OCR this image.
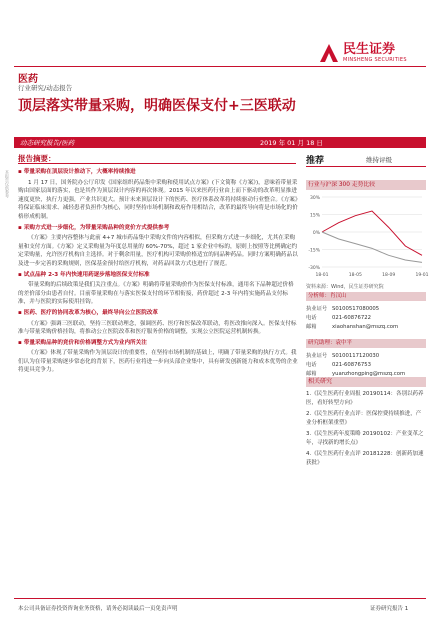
民生证券
MINSHENG SECURITIES
医药
行业研究/动态报告
顶层落实带量采购，明确医保支付+三医联动
动态研究报告/医药	2019 年 01 月 18 日
报告摘要：

▪ 带量采购在顶层设计推动下，大概率持续推进

1 月 17 日，国务院办公厅印发《国家组织药品集中采购和使用试点方案》(下文简称《方案》)，意味着带量采购由国家层面的落实，也是其作为顶层设计内容的再次体现。2015 年以来医药行业由上而下驱动的改革明显推进速度更快，执行力更强，产业共识更大。预计未来顶层设计下的医药、医疗体系改革将持续驱动行业整合。《方案》将保证临床需求、减轻患者负担作为核心，同时坚持市场机制和政府作用相结合，改革的最终导向将是市场化的价格形成机制。

▪ 采购方式进一步细化，为带量采购品种的竞价方式提供参考

《方案》主要内容整体与此前 4+7 城市药品集中采购文件的内容相似，但采购方式进一步细化，尤其在采购量和支付方面。《方案》定义采购量为年度总用量的 60%-70%，超过 1 家企业中标的，原则上按照等比例确定约定采购量，允许医疗机构自主选择。对于剩余用量，医疗机构可采购价格适宜的同品种药品。同时方案明确药品以及进一步完善的采购规则，医保基金预付给医疗机构，对药品回款方式也进行了规范。

▪ 试点品种 2-3 年内快速用药逐步落地医保支付标准

带量采购的后续政策是我们关注重点。《方案》明确将带量采购价作为医保支付标准，通用名下品种超过价格的差价部分由患者自付。目前带量采购在与落实医保支付的环节相衔接，药价超过 2-3 年内将实施药品支付标准，并与医院的实际使用挂钩。

▪ 医药、医疗的协同改革为核心，最终导向公立医院改革

《方案》强调三医联动，坚持三医联动理念，强调医药、医疗和医保改革联动，将医改推向深入。医保支付标准与带量采购价格挂钩，将推动公立医院改革和医疗服务价格的调整，实现公立医院运营机制转换。

▪ 带量采购品种的竞价和价格调整方式为业内所关注

《方案》体现了带量采购作为顶层设计的重要性，在坚持市场机制的基础上，明确了带量采购的执行方式。我们认为在带量采购逐步常态化的背景下，医药行业将进一步向头部企业集中，具有研发创新能力和成本优势的企业将更具竞争力。

推荐	维持评级
行业与沪深 300 走势比较
30%
15%
0%
-15%
-30%
18-01	18-05	18-09	19-01
资料来源：Wind，民生证券研究院
分析师：肖汉山
执业证号 S0100517080005
电话	021-60876722
邮箱	xiaohanshan@mszq.com
研究助理：袁中平
执业证号 S0100117120030
电话	021-60876753
邮箱	yuanzhongping@mszq.com
相关研究
1.《民生医药行业周报 20190114：各别以药养医，看好转型方向》
2.《民生医药行业点评：医保控费持续推进，产业分析框架重塑》
3.《民生医药年度策略 20190102：产业变革之年，寻找新的增长点》
4.《民生医药行业点评 20181228：创新药加速获批》
本报告仅供参考
本公司具备证券投资咨询业务资格，请务必阅读最后一页免责声明	证券研究报告 1
